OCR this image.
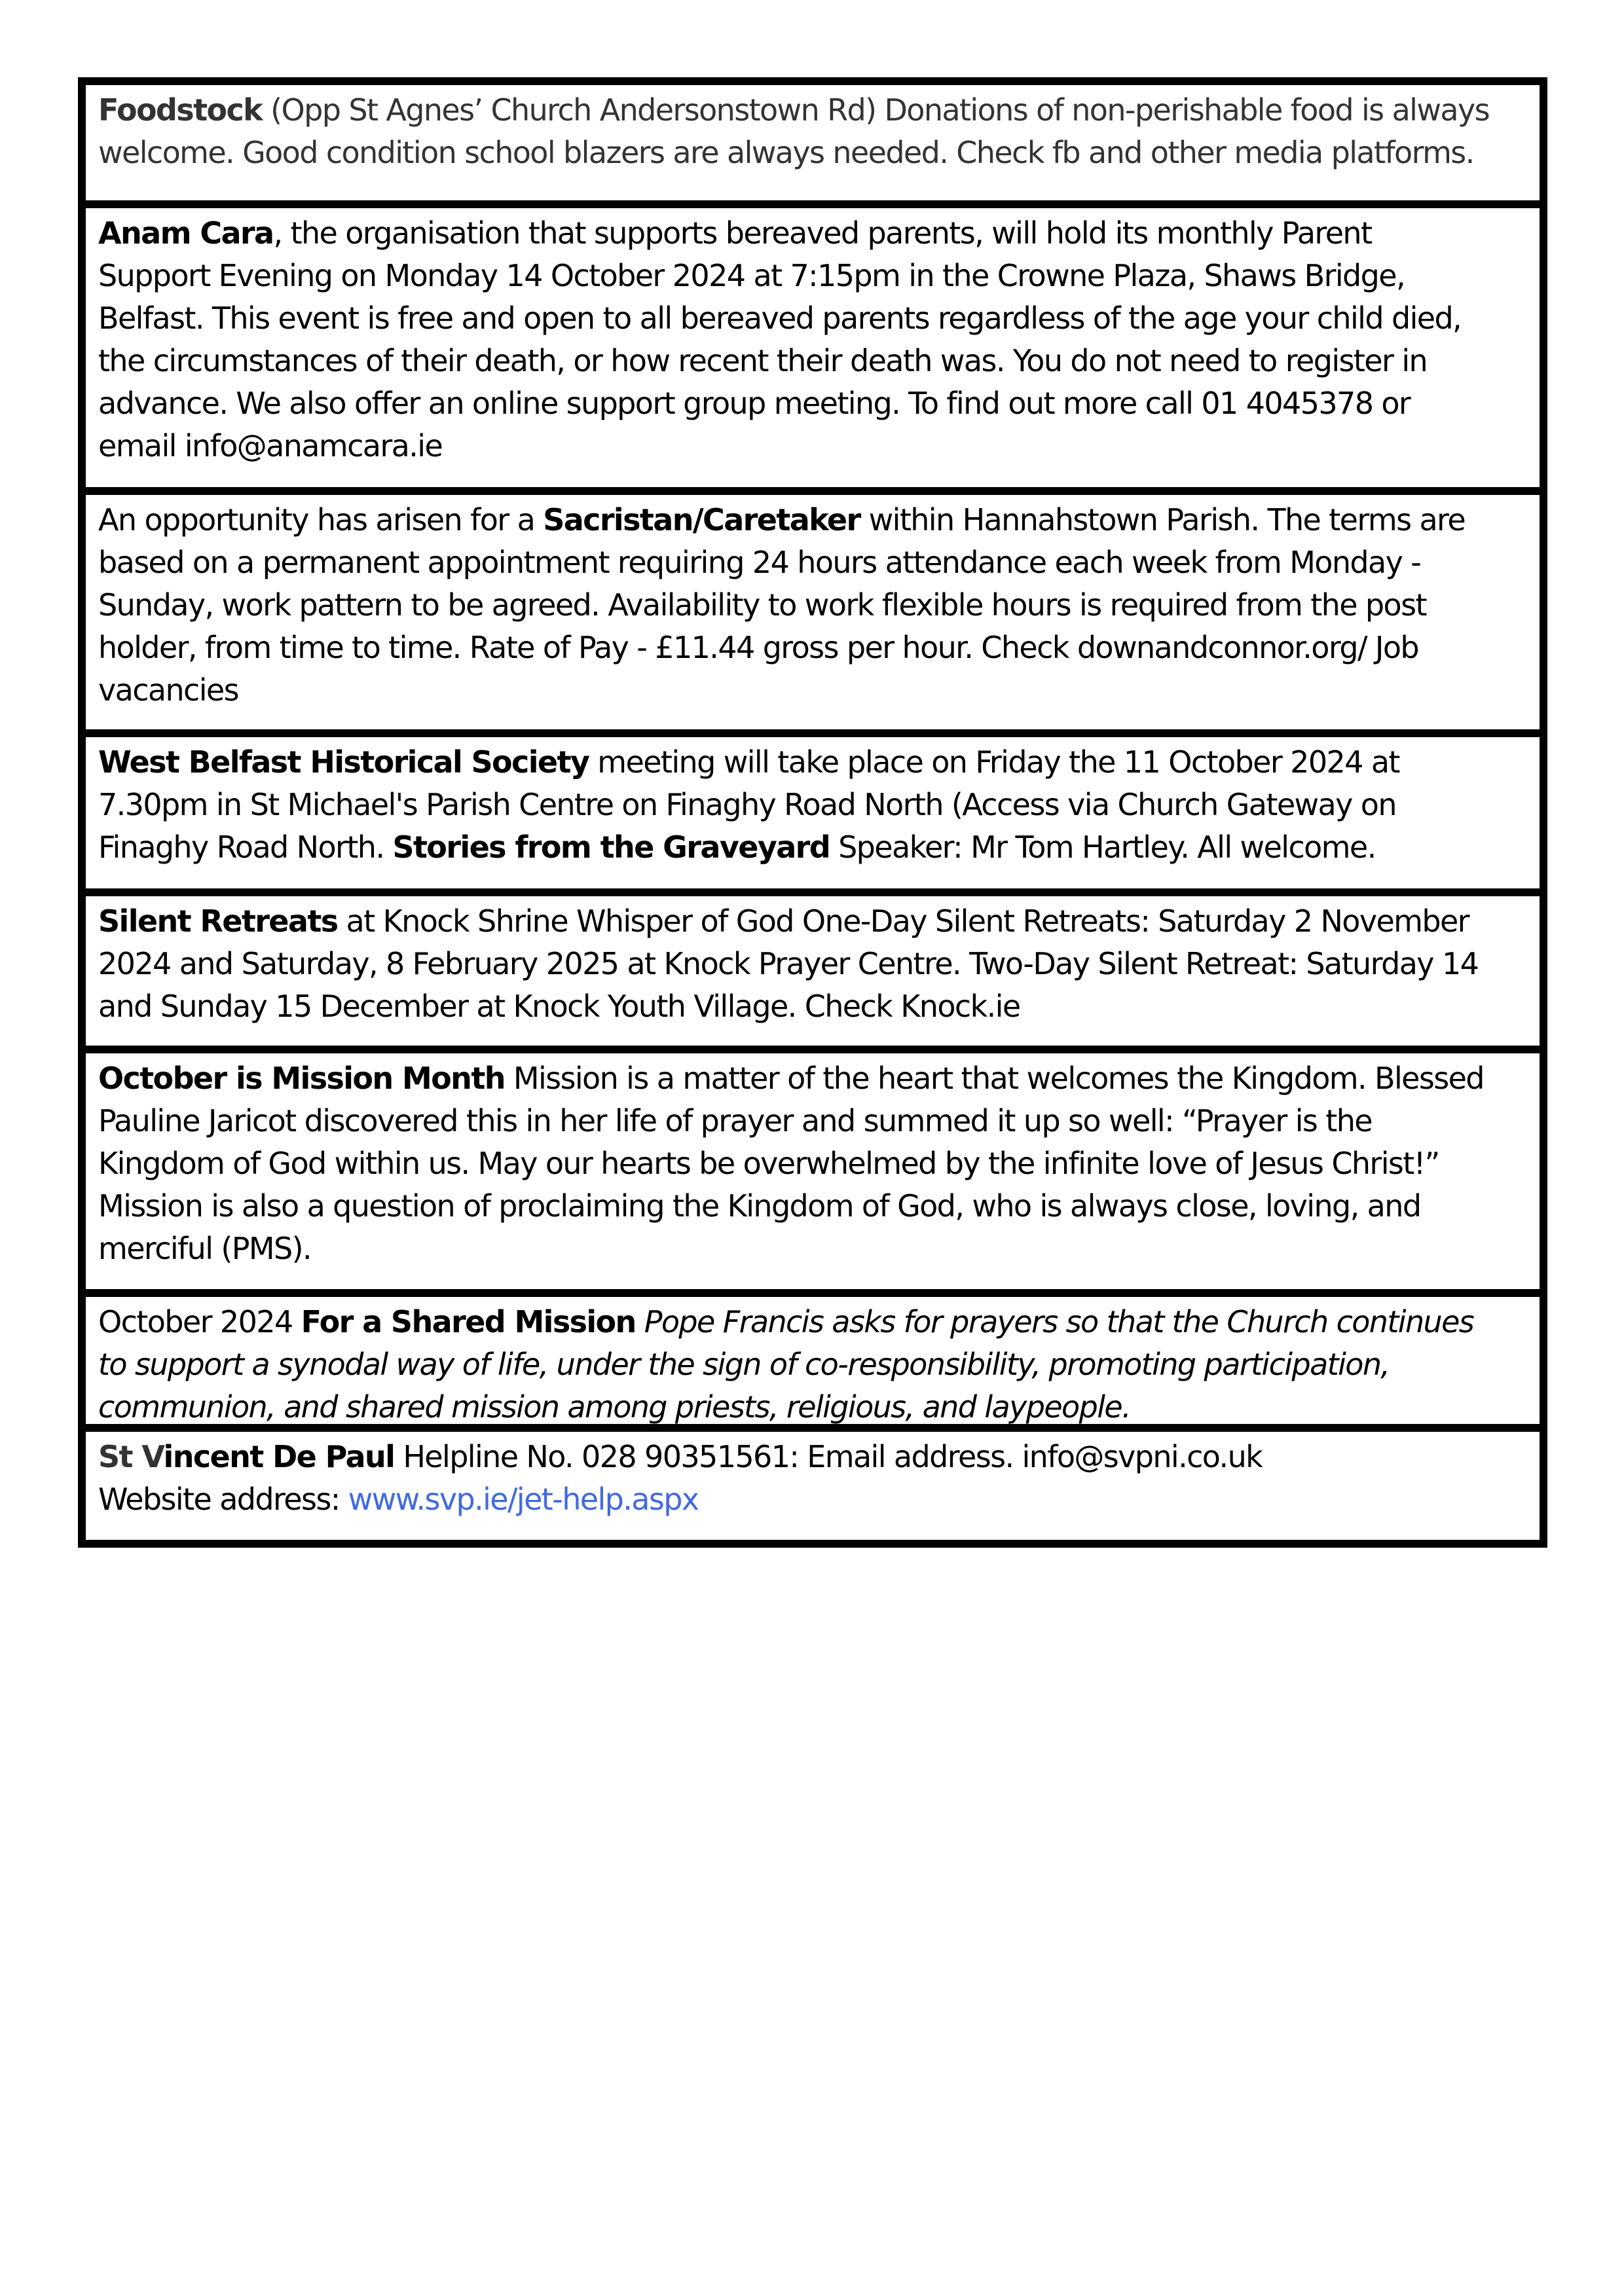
Foodstock (Opp St Agnes’ Church Andersonstown Rd) Donations of non-perishable food is always
welcome. Good condition school blazers are always needed. Check fb and other media platforms.
Anam Cara, the organisation that supports bereaved parents, will hold its monthly Parent
Support Evening on Monday 14 October 2024 at 7:15pm in the Crowne Plaza, Shaws Bridge,
Belfast. This event is free and open to all bereaved parents regardless of the age your child died,
the circumstances of their death, or how recent their death was. You do not need to register in
advance. We also offer an online support group meeting. To find out more call 01 4045378 or
email info@anamcara.ie
An opportunity has arisen for a Sacristan/Caretaker within Hannahstown Parish. The terms are
based on a permanent appointment requiring 24 hours attendance each week from Monday -
Sunday, work pattern to be agreed. Availability to work flexible hours is required from the post
holder, from time to time. Rate of Pay - £11.44 gross per hour. Check downandconnor.org/ Job
vacancies
West Belfast Historical Society meeting will take place on Friday the 11 October 2024 at
7.30pm in St Michael's Parish Centre on Finaghy Road North (Access via Church Gateway on
Finaghy Road North. Stories from the Graveyard Speaker: Mr Tom Hartley. All welcome.
Silent Retreats at Knock Shrine Whisper of God One-Day Silent Retreats: Saturday 2 November
2024 and Saturday, 8 February 2025 at Knock Prayer Centre. Two-Day Silent Retreat: Saturday 14
and Sunday 15 December at Knock Youth Village. Check Knock.ie
October is Mission Month Mission is a matter of the heart that welcomes the Kingdom. Blessed
Pauline Jaricot discovered this in her life of prayer and summed it up so well: “Prayer is the
Kingdom of God within us. May our hearts be overwhelmed by the infinite love of Jesus Christ!”
Mission is also a question of proclaiming the Kingdom of God, who is always close, loving, and
merciful (PMS).
October 2024 For a Shared Mission Pope Francis asks for prayers so that the Church continues
to support a synodal way of life, under the sign of co-responsibility, promoting participation,
communion, and shared mission among priests, religious, and laypeople.
St Vincent De Paul Helpline No. 028 90351561: Email address. info@svpni.co.uk
Website address: www.svp.ie/jet-help.aspx
